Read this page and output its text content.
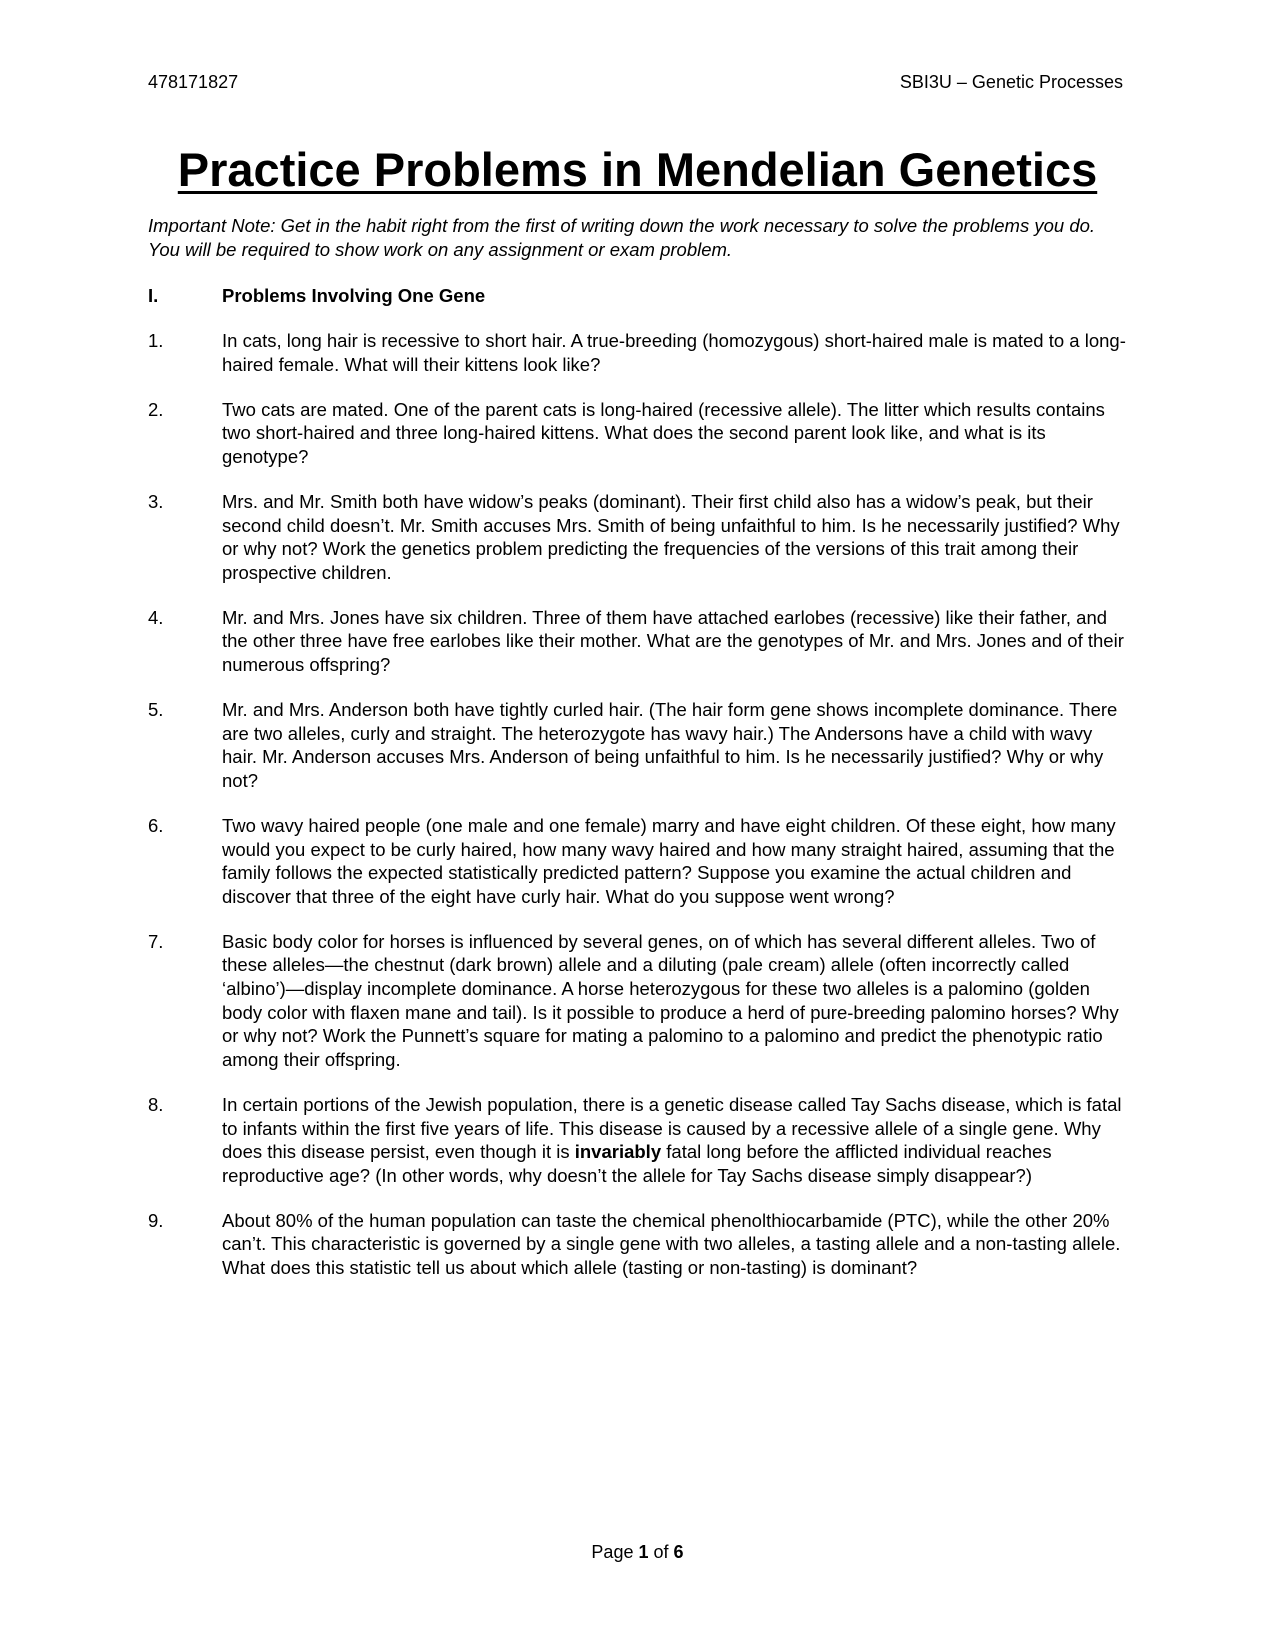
478171827	SBI3U – Genetic Processes
Practice Problems in Mendelian Genetics
Important Note: Get in the habit right from the first of writing down the work necessary to solve the problems you do. You will be required to show work on any assignment or exam problem.
I.	Problems Involving One Gene
1.	In cats, long hair is recessive to short hair. A true-breeding (homozygous) short-haired male is mated to a long-haired female. What will their kittens look like?
2.	Two cats are mated. One of the parent cats is long-haired (recessive allele). The litter which results contains two short-haired and three long-haired kittens. What does the second parent look like, and what is its genotype?
3.	Mrs. and Mr. Smith both have widow’s peaks (dominant). Their first child also has a widow’s peak, but their second child doesn’t. Mr. Smith accuses Mrs. Smith of being unfaithful to him. Is he necessarily justified? Why or why not? Work the genetics problem predicting the frequencies of the versions of this trait among their prospective children.
4.	Mr. and Mrs. Jones have six children. Three of them have attached earlobes (recessive) like their father, and the other three have free earlobes like their mother. What are the genotypes of Mr. and Mrs. Jones and of their numerous offspring?
5.	Mr. and Mrs. Anderson both have tightly curled hair. (The hair form gene shows incomplete dominance. There are two alleles, curly and straight. The heterozygote has wavy hair.) The Andersons have a child with wavy hair. Mr. Anderson accuses Mrs. Anderson of being unfaithful to him. Is he necessarily justified? Why or why not?
6.	Two wavy haired people (one male and one female) marry and have eight children. Of these eight, how many would you expect to be curly haired, how many wavy haired and how many straight haired, assuming that the family follows the expected statistically predicted pattern? Suppose you examine the actual children and discover that three of the eight have curly hair. What do you suppose went wrong?
7.	Basic body color for horses is influenced by several genes, on of which has several different alleles. Two of these alleles—the chestnut (dark brown) allele and a diluting (pale cream) allele (often incorrectly called ‘albino’)—display incomplete dominance. A horse heterozygous for these two alleles is a palomino (golden body color with flaxen mane and tail). Is it possible to produce a herd of pure-breeding palomino horses? Why or why not? Work the Punnett’s square for mating a palomino to a palomino and predict the phenotypic ratio among their offspring.
8.	In certain portions of the Jewish population, there is a genetic disease called Tay Sachs disease, which is fatal to infants within the first five years of life. This disease is caused by a recessive allele of a single gene. Why does this disease persist, even though it is invariably fatal long before the afflicted individual reaches reproductive age? (In other words, why doesn’t the allele for Tay Sachs disease simply disappear?)
9.	About 80% of the human population can taste the chemical phenolthiocarbamide (PTC), while the other 20% can’t. This characteristic is governed by a single gene with two alleles, a tasting allele and a non-tasting allele. What does this statistic tell us about which allele (tasting or non-tasting) is dominant?
Page 1 of 6
